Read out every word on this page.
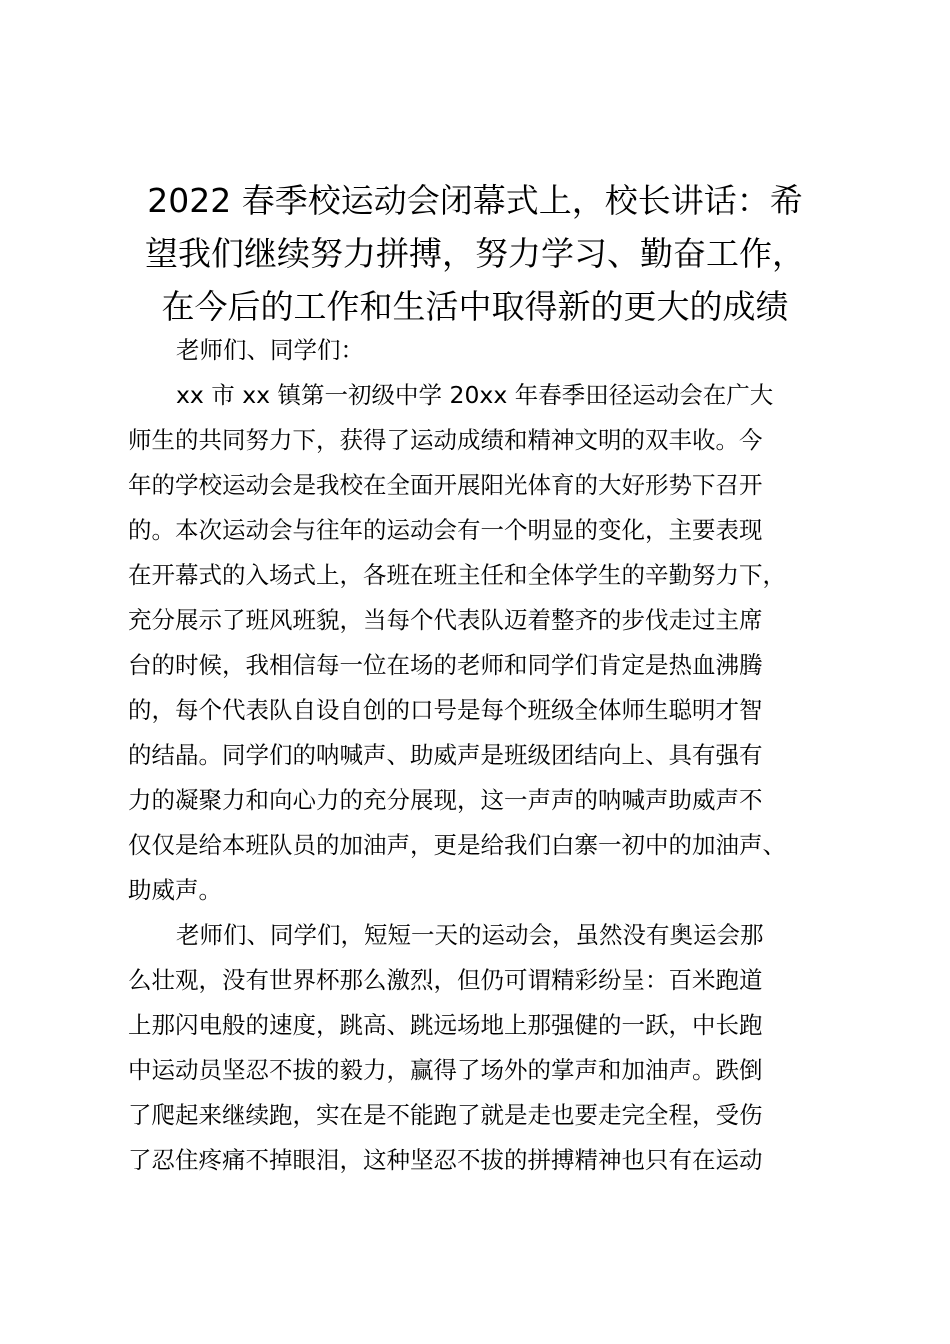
2022 春季校运动会闭幕式上，校长讲话：希
望我们继续努力拼搏，努力学习、勤奋工作，
在今后的工作和生活中取得新的更大的成绩

老师们、同学们：

xx 市 xx 镇第一初级中学 20xx 年春季田径运动会在广大
师生的共同努力下，获得了运动成绩和精神文明的双丰收。今
年的学校运动会是我校在全面开展阳光体育的大好形势下召开
的。本次运动会与往年的运动会有一个明显的变化，主要表现
在开幕式的入场式上，各班在班主任和全体学生的辛勤努力下，
充分展示了班风班貌，当每个代表队迈着整齐的步伐走过主席
台的时候，我相信每一位在场的老师和同学们肯定是热血沸腾
的，每个代表队自设自创的口号是每个班级全体师生聪明才智
的结晶。同学们的呐喊声、助威声是班级团结向上、具有强有
力的凝聚力和向心力的充分展现，这一声声的呐喊声助威声不
仅仅是给本班队员的加油声，更是给我们白寨一初中的加油声、
助威声。

老师们、同学们，短短一天的运动会，虽然没有奥运会那
么壮观，没有世界杯那么激烈，但仍可谓精彩纷呈：百米跑道
上那闪电般的速度，跳高、跳远场地上那强健的一跃，中长跑
中运动员坚忍不拔的毅力，赢得了场外的掌声和加油声。跌倒
了爬起来继续跑，实在是不能跑了就是走也要走完全程，受伤
了忍住疼痛不掉眼泪，这种坚忍不拔的拼搏精神也只有在运动
